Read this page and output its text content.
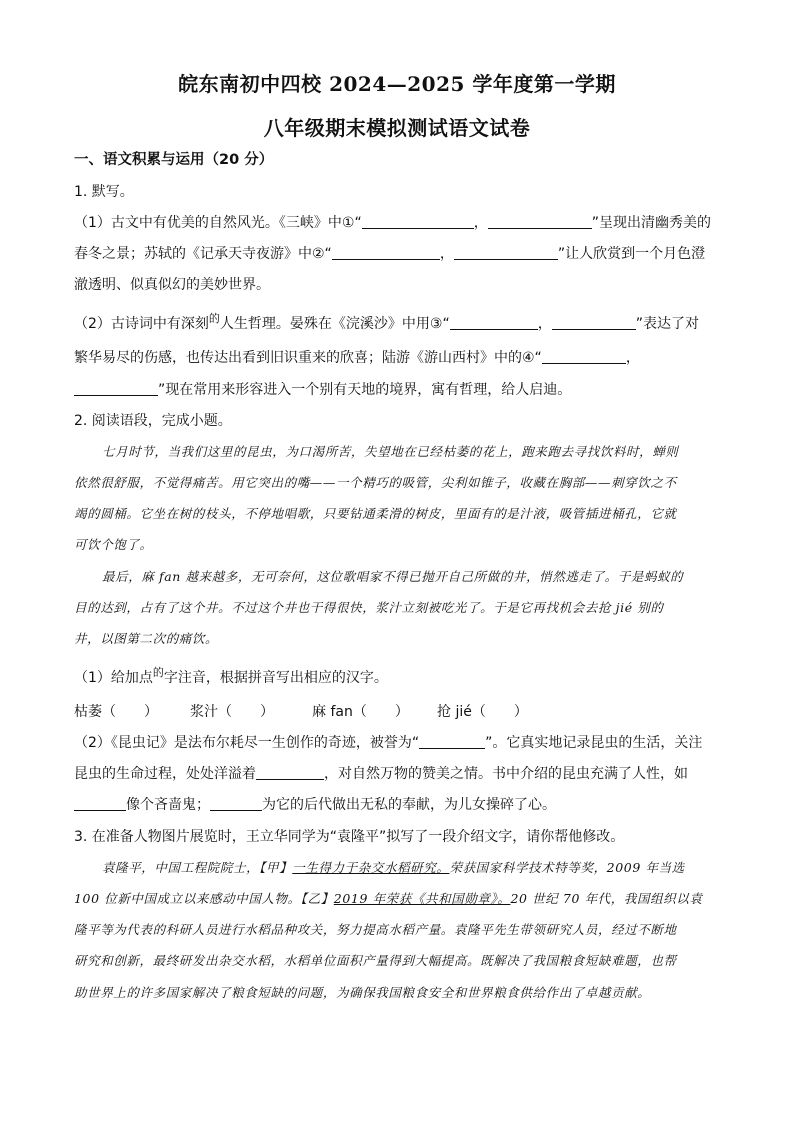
皖东南初中四校 2024—2025 学年度第一学期
八年级期末模拟测试语文试卷
一、语文积累与运用（20 分）
1. 默写。
（1）古文中有优美的自然风光。《三峡》中①“	，	”呈现出清幽秀美的
春冬之景；苏轼的《记承天寺夜游》中②“	，	”让人欣赏到一个月色澄
澈透明、似真似幻的美妙世界。
（2）古诗词中有深刻$^的$人生哲理。晏殊在《浣溪沙》中用③“	，	”表达了对
繁华易尽的伤感，也传达出看到旧识重来的欣喜；陆游《游山西村》中的④“	，
”现在常用来形容进入一个别有天地的境界，寓有哲理，给人启迪。
2. 阅读语段，完成小题。
七月时节，当我们这里的昆虫，为口渴所苦，失望地在已经枯萎的花上，跑来跑去寻找饮料时，蝉则
依然很舒服，不觉得痛苦。用它突出的嘴——一个精巧的吸管，尖利如锥子，收藏在胸部——刺穿饮之不
竭的圆桶。它坐在树的枝头，不停地唱歌，只要钻通柔滑的树皮，里面有的是汁液，吸管插进桶孔，它就
可饮个饱了。
最后，麻 fan 越来越多，无可奈何，这位歌唱家不得已抛开自己所做的井，悄然逃走了。于是蚂蚁的
目的达到，占有了这个井。不过这个井也干得很快，浆汁立刻被吃光了。于是它再找机会去抢 jié 别的
井，以图第二次的痛饮。
（1）给加点$^的$字注音，根据拼音写出相应的汉字。
枯萎（　　） 浆汁（　　）	麻 fan（　　） 抢 jié（　　）
（2）《昆虫记》是法布尔耗尽一生创作的奇迹，被誉为“	”。它真实地记录昆虫的生活，关注
昆虫的生命过程，处处洋溢着	，对自然万物的赞美之情。书中介绍的昆虫充满了人性，如
像个吝啬鬼；	为它的后代做出无私的奉献，为儿女操碎了心。
3. 在准备人物图片展览时，王立华同学为“袁隆平”拟写了一段介绍文字，请你帮他修改。
袁隆平，中国工程院院士，【甲】一生得力于杂交水稻研究。荣获国家科学技术特等奖，2009 年当选
100 位新中国成立以来感动中国人物。【乙】2019 年荣获《共和国勋章》。20 世纪 70 年代，我国组织以袁
隆平等为代表的科研人员进行水稻品种攻关，努力提高水稻产量。袁隆平先生带领研究人员，经过不断地
研究和创新，最终研发出杂交水稻，水稻单位面积产量得到大幅提高。既解决了我国粮食短缺难题，也帮
助世界上的许多国家解决了粮食短缺的问题，为确保我国粮食安全和世界粮食供给作出了卓越贡献。
